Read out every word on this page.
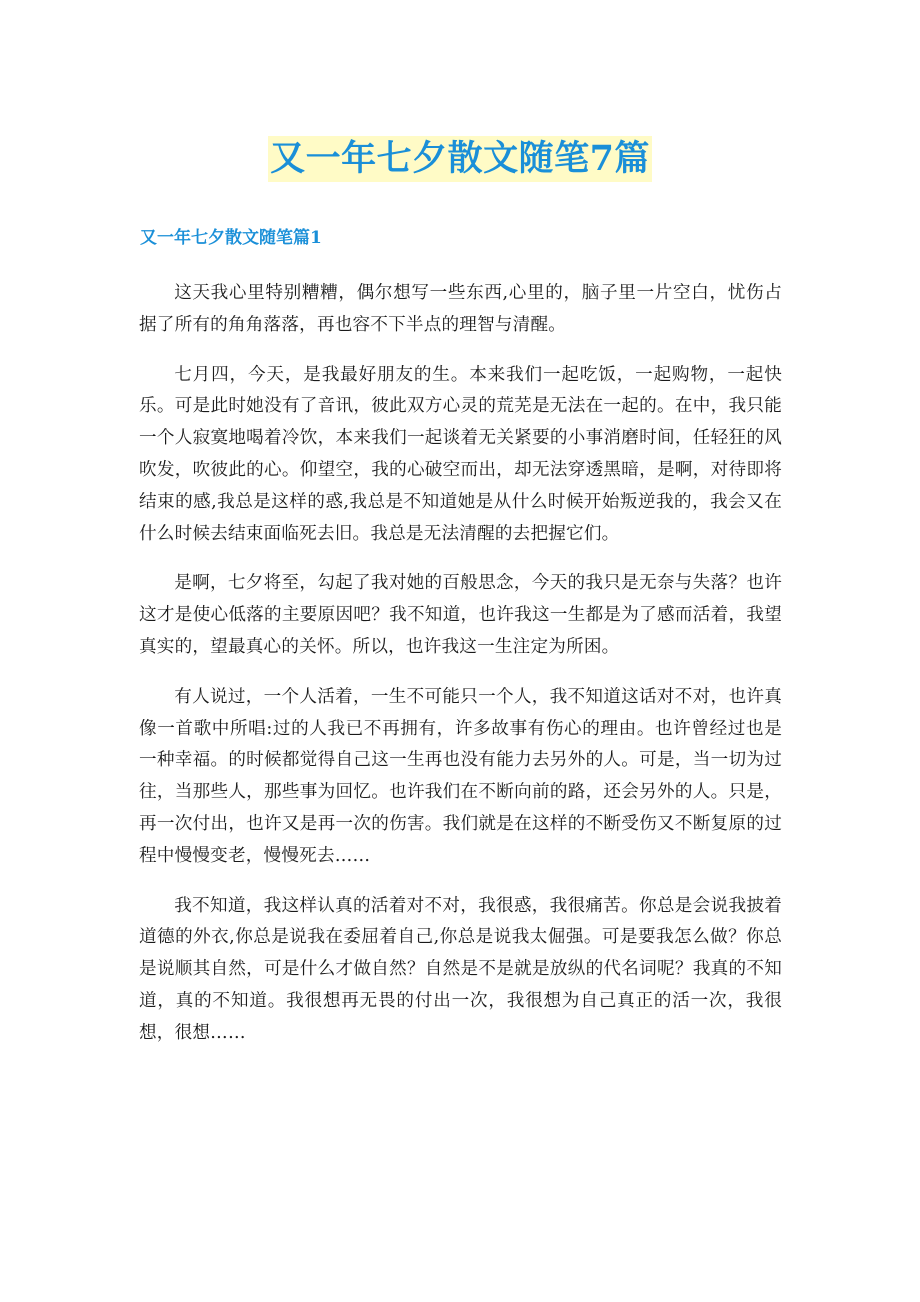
又一年七夕散文随笔7篇
又一年七夕散文随笔篇1

这天我心里特别糟糟，偶尔想写一些东西,心里的，脑子里一片空白，忧伤占据了所有的角角落落，再也容不下半点的理智与清醒。

七月四，今天，是我最好朋友的生。本来我们一起吃饭，一起购物，一起快乐。可是此时她没有了音讯，彼此双方心灵的荒芜是无法在一起的。在中，我只能一个人寂寞地喝着冷饮，本来我们一起谈着无关紧要的小事消磨时间，任轻狂的风吹发，吹彼此的心。仰望空，我的心破空而出，却无法穿透黑暗，是啊，对待即将结束的感,我总是这样的惑,我总是不知道她是从什么时候开始叛逆我的，我会又在什么时候去结束面临死去旧。我总是无法清醒的去把握它们。

是啊，七夕将至，勾起了我对她的百般思念，今天的我只是无奈与失落？也许这才是使心低落的主要原因吧？我不知道，也许我这一生都是为了感而活着，我望真实的，望最真心的关怀。所以，也许我这一生注定为所困。

有人说过，一个人活着，一生不可能只一个人，我不知道这话对不对，也许真像一首歌中所唱:过的人我已不再拥有，许多故事有伤心的理由。也许曾经过也是一种幸福。的时候都觉得自己这一生再也没有能力去另外的人。可是，当一切为过往，当那些人，那些事为回忆。也许我们在不断向前的路，还会另外的人。只是，再一次付出，也许又是再一次的伤害。我们就是在这样的不断受伤又不断复原的过程中慢慢变老，慢慢死去……

我不知道，我这样认真的活着对不对，我很惑，我很痛苦。你总是会说我披着道德的外衣,你总是说我在委屈着自己,你总是说我太倔强。可是要我怎么做？你总是说顺其自然，可是什么才做自然？自然是不是就是放纵的代名词呢？我真的不知道，真的不知道。我很想再无畏的付出一次，我很想为自己真正的活一次，我很想，很想……
